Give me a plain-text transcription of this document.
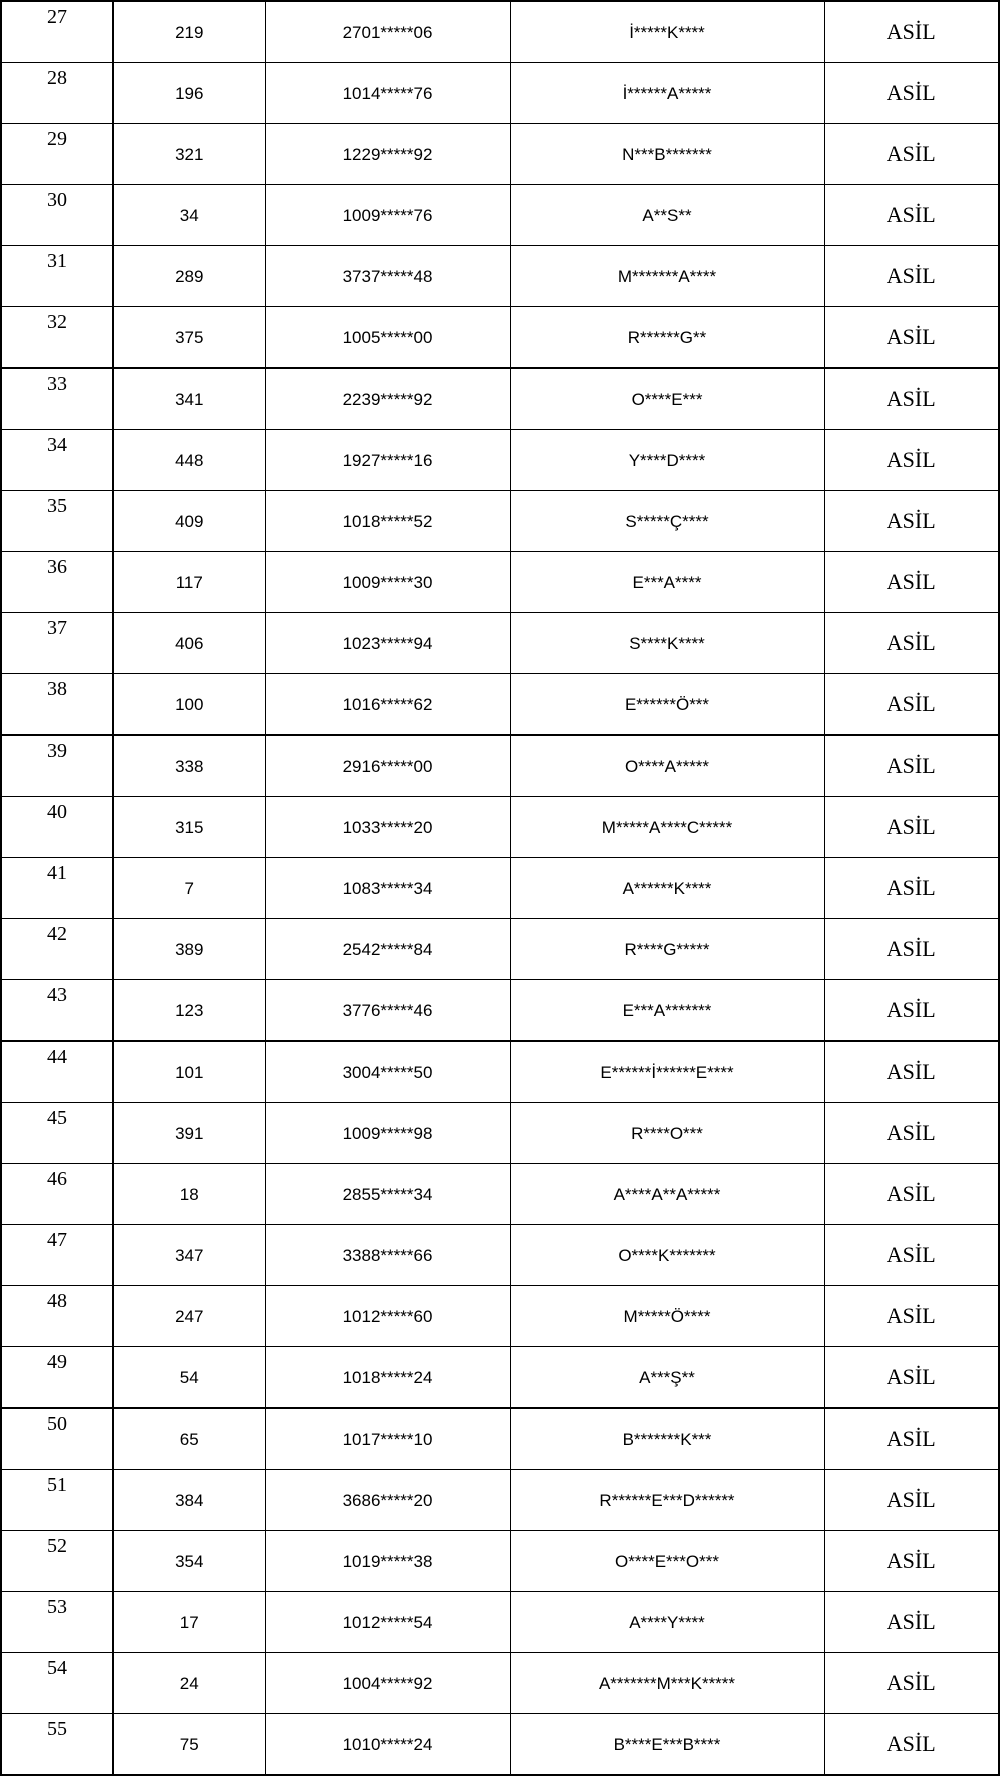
27	219	2701*****06	İ*****K****	ASİL
28	196	1014*****76	İ******A*****	ASİL
29	321	1229*****92	N***B*******	ASİL
30	34	1009*****76	A**S**	ASİL
31	289	3737*****48	M*******A****	ASİL
32	375	1005*****00	R******G**	ASİL
33	341	2239*****92	O****E***	ASİL
34	448	1927*****16	Y****D****	ASİL
35	409	1018*****52	S*****Ç****	ASİL
36	117	1009*****30	E***A****	ASİL
37	406	1023*****94	S****K****	ASİL
38	100	1016*****62	E******Ö***	ASİL
39	338	2916*****00	O****A*****	ASİL
40	315	1033*****20	M*****A****C*****	ASİL
41	7	1083*****34	A******K****	ASİL
42	389	2542*****84	R****G*****	ASİL
43	123	3776*****46	E***A*******	ASİL
44	101	3004*****50	E******İ******E****	ASİL
45	391	1009*****98	R****O***	ASİL
46	18	2855*****34	A****A**A*****	ASİL
47	347	3388*****66	O****K*******	ASİL
48	247	1012*****60	M*****Ö****	ASİL
49	54	1018*****24	A***Ş**	ASİL
50	65	1017*****10	B*******K***	ASİL
51	384	3686*****20	R******E***D******	ASİL
52	354	1019*****38	O****E***O***	ASİL
53	17	1012*****54	A****Y****	ASİL
54	24	1004*****92	A*******M***K*****	ASİL
55	75	1010*****24	B****E***B****	ASİL
